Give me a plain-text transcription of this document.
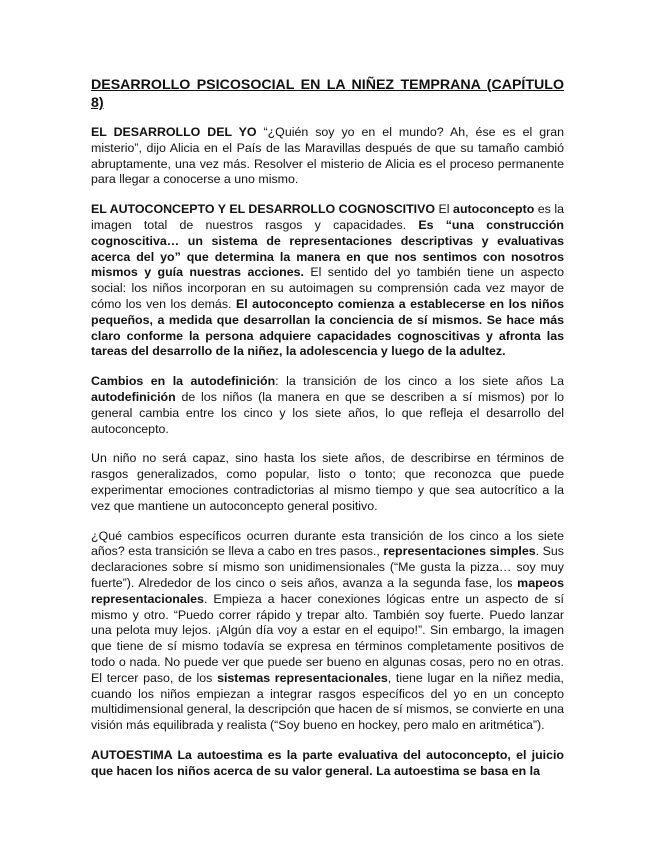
DESARROLLO PSICOSOCIAL EN LA NIÑEZ TEMPRANA (CAPÍTULO 8)

EL DESARROLLO DEL YO “¿Quién soy yo en el mundo? Ah, ése es el gran misterio”, dijo Alicia en el País de las Maravillas después de que su tamaño cambió abruptamente, una vez más. Resolver el misterio de Alicia es el proceso permanente para llegar a conocerse a uno mismo.

EL AUTOCONCEPTO Y EL DESARROLLO COGNOSCITIVO El autoconcepto es la imagen total de nuestros rasgos y capacidades. Es “una construcción cognoscitiva… un sistema de representaciones descriptivas y evaluativas acerca del yo” que determina la manera en que nos sentimos con nosotros mismos y guía nuestras acciones. El sentido del yo también tiene un aspecto social: los niños incorporan en su autoimagen su comprensión cada vez mayor de cómo los ven los demás. El autoconcepto comienza a establecerse en los niños pequeños, a medida que desarrollan la conciencia de sí mismos. Se hace más claro conforme la persona adquiere capacidades cognoscitivas y afronta las tareas del desarrollo de la niñez, la adolescencia y luego de la adultez.

Cambios en la autodefinición: la transición de los cinco a los siete años La autodefinición de los niños (la manera en que se describen a sí mismos) por lo general cambia entre los cinco y los siete años, lo que refleja el desarrollo del autoconcepto.

Un niño no será capaz, sino hasta los siete años, de describirse en términos de rasgos generalizados, como popular, listo o tonto; que reconozca que puede experimentar emociones contradictorias al mismo tiempo y que sea autocrítico a la vez que mantiene un autoconcepto general positivo.

¿Qué cambios específicos ocurren durante esta transición de los cinco a los siete años? esta transición se lleva a cabo en tres pasos., representaciones simples. Sus declaraciones sobre sí mismo son unidimensionales (“Me gusta la pizza… soy muy fuerte”). Alrededor de los cinco o seis años, avanza a la segunda fase, los mapeos representacionales. Empieza a hacer conexiones lógicas entre un aspecto de sí mismo y otro. “Puedo correr rápido y trepar alto. También soy fuerte. Puedo lanzar una pelota muy lejos. ¡Algún día voy a estar en el equipo!”. Sin embargo, la imagen que tiene de sí mismo todavía se expresa en términos completamente positivos de todo o nada. No puede ver que puede ser bueno en algunas cosas, pero no en otras. El tercer paso, de los sistemas representacionales, tiene lugar en la niñez media, cuando los niños empiezan a integrar rasgos específicos del yo en un concepto multidimensional general, la descripción que hacen de sí mismos, se convierte en una visión más equilibrada y realista (“Soy bueno en hockey, pero malo en aritmética”).

AUTOESTIMA La autoestima es la parte evaluativa del autoconcepto, el juicio que hacen los niños acerca de su valor general. La autoestima se basa en la
